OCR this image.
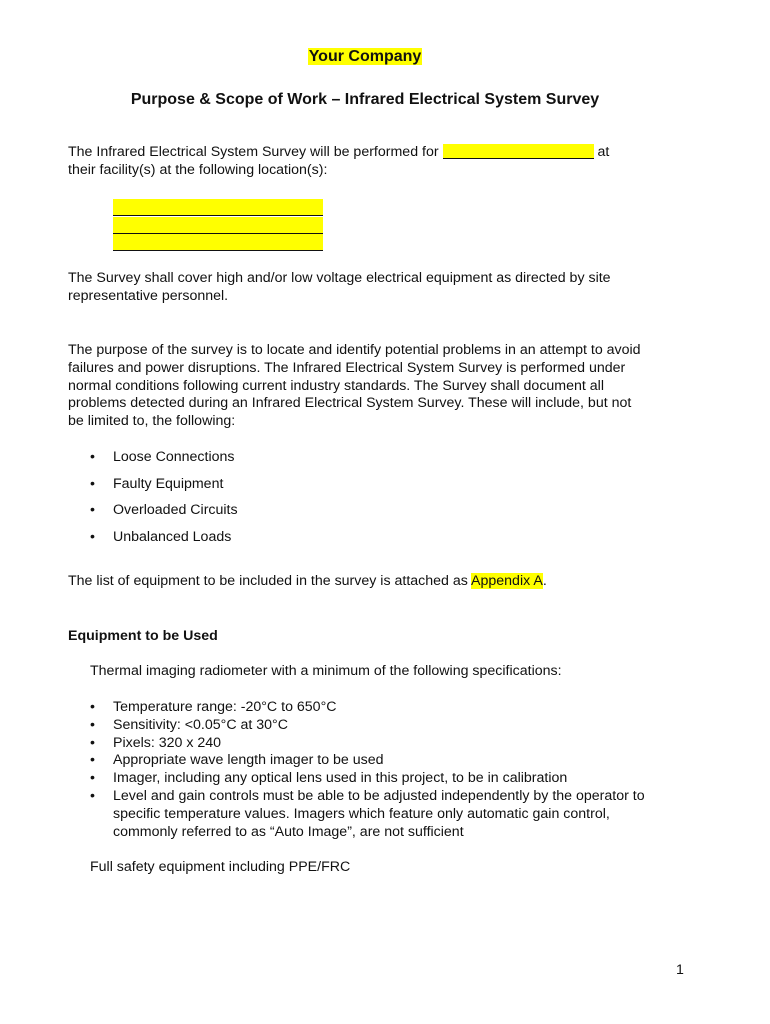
Your Company
Purpose & Scope of Work – Infrared Electrical System Survey
The Infrared Electrical System Survey will be performed for	at
their facility(s) at the following location(s):

The Survey shall cover high and/or low voltage electrical equipment as directed by site representative personnel.

The purpose of the survey is to locate and identify potential problems in an attempt to avoid failures and power disruptions. The Infrared Electrical System Survey is performed under normal conditions following current industry standards. The Survey shall document all problems detected during an Infrared Electrical System Survey. These will include, but not be limited to, the following:

• Loose Connections
• Faulty Equipment
• Overloaded Circuits
• Unbalanced Loads
The list of equipment to be included in the survey is attached as Appendix A.
Equipment to be Used
Thermal imaging radiometer with a minimum of the following specifications:
• Temperature range: -20°C to 650°C
• Sensitivity: <0.05°C at 30°C
• Pixels: 320 x 240
• Appropriate wave length imager to be used
• Imager, including any optical lens used in this project, to be in calibration
• Level and gain controls must be able to be adjusted independently by the operator to specific temperature values. Imagers which feature only automatic gain control, commonly referred to as “Auto Image”, are not sufficient
Full safety equipment including PPE/FRC
1
